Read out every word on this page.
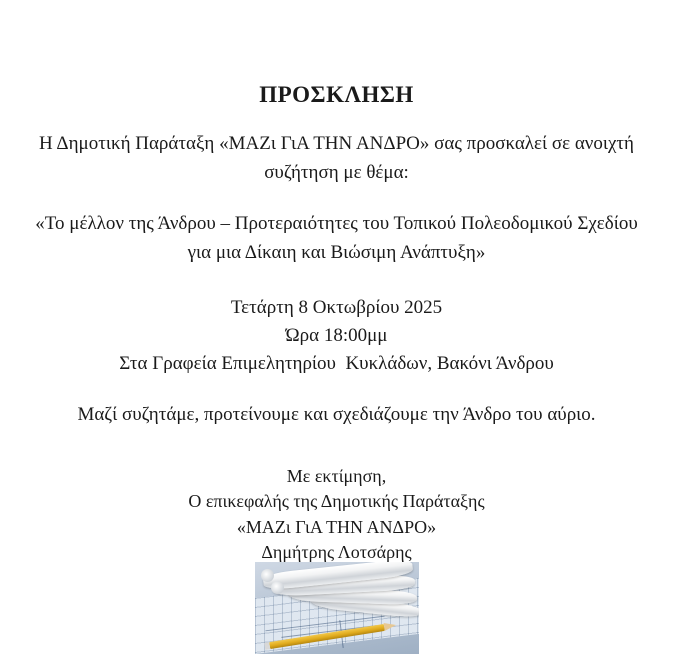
ΠΡΟΣΚΛΗΣΗ
Η Δημοτική Παράταξη «ΜΑΖι ΓιΑ ΤΗΝ ΑΝΔΡΟ» σας προσκαλεί σε ανοιχτή συζήτηση με θέμα:
«Το μέλλον της Άνδρου – Προτεραιότητες του Τοπικού Πολεοδομικού Σχεδίου για μια Δίκαιη και Βιώσιμη Ανάπτυξη»
Τετάρτη 8 Οκτωβρίου 2025
Ώρα 18:00μμ
Στα Γραφεία Επιμελητηρίου  Κυκλάδων, Βακόνι Άνδρου
Μαζί συζητάμε, προτείνουμε και σχεδιάζουμε την Άνδρο του αύριο.
Με εκτίμηση,
Ο επικεφαλής της Δημοτικής Παράταξης
«ΜΑΖι ΓιΑ ΤΗΝ ΑΝΔΡΟ»
Δημήτρης Λοτσάρης
